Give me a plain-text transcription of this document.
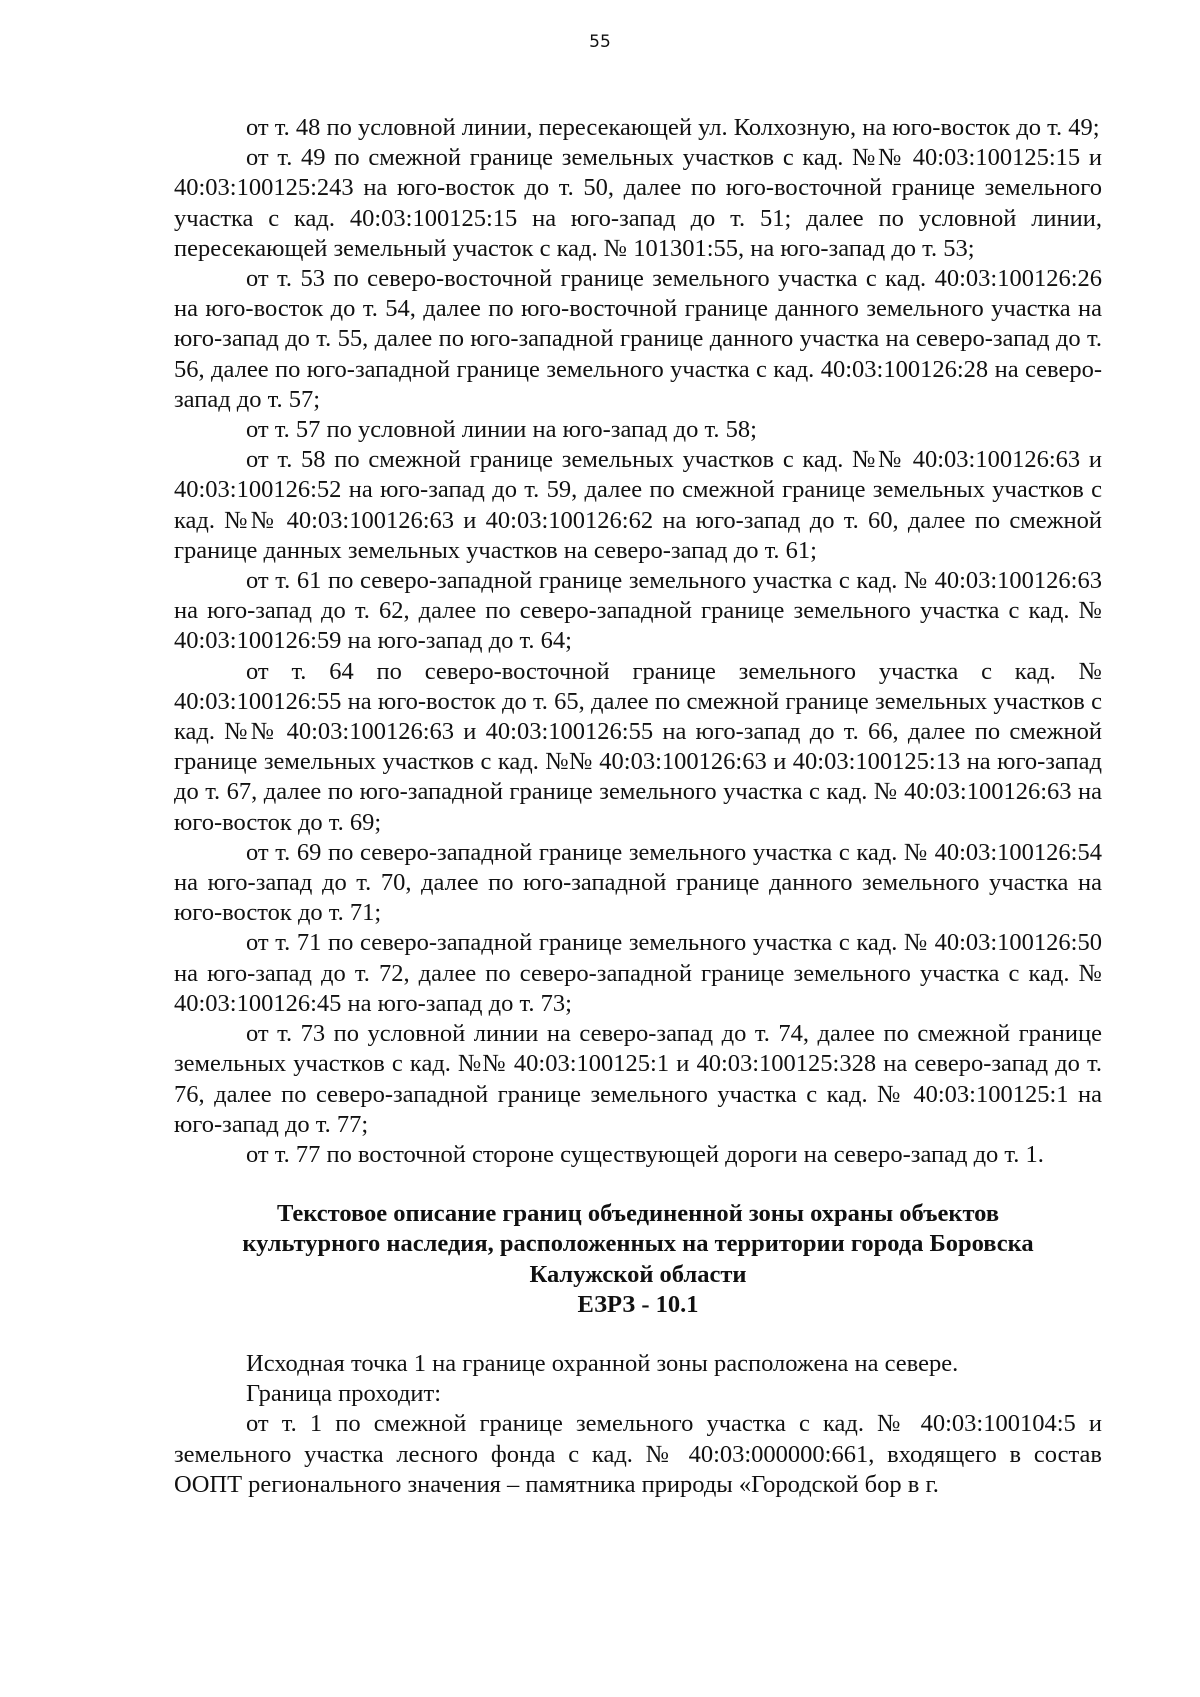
55

от т. 48 по условной линии, пересекающей ул. Колхозную, на юго-восток до т. 49;

от т. 49 по смежной границе земельных участков с кад. №№ 40:03:100125:15 и 40:03:100125:243 на юго-восток до т. 50, далее по юго-восточной границе земельного участка с кад. 40:03:100125:15 на юго-запад до т. 51; далее по условной линии, пересекающей земельный участок с кад. № 101301:55, на юго-запад до т. 53;

от т. 53 по северо-восточной границе земельного участка с кад. 40:03:100126:26 на юго-восток до т. 54, далее по юго-восточной границе данного земельного участка на юго-запад до т. 55, далее по юго-западной границе данного участка на северо-запад до т. 56, далее по юго-западной границе земельного участка с кад. 40:03:100126:28 на северо-запад до т. 57;

от т. 57 по условной линии на юго-запад до т. 58;

от т. 58 по смежной границе земельных участков с кад. №№ 40:03:100126:63 и 40:03:100126:52 на юго-запад до т. 59, далее по смежной границе земельных участков с кад. №№ 40:03:100126:63 и 40:03:100126:62 на юго-запад до т. 60, далее по смежной границе данных земельных участков на северо-запад до т. 61;

от т. 61 по северо-западной границе земельного участка с кад. № 40:03:100126:63 на юго-запад до т. 62, далее по северо-западной границе земельного участка с кад. № 40:03:100126:59 на юго-запад до т. 64;

от т. 64 по северо-восточной границе земельного участка с кад. № 40:03:100126:55 на юго-восток до т. 65, далее по смежной границе земельных участков с кад. №№ 40:03:100126:63 и 40:03:100126:55 на юго-запад до т. 66, далее по смежной границе земельных участков с кад. №№ 40:03:100126:63 и 40:03:100125:13 на юго-запад до т. 67, далее по юго-западной границе земельного участка с кад. № 40:03:100126:63 на юго-восток до т. 69;

от т. 69 по северо-западной границе земельного участка с кад. № 40:03:100126:54 на юго-запад до т. 70, далее по юго-западной границе данного земельного участка на юго-восток до т. 71;

от т. 71 по северо-западной границе земельного участка с кад. № 40:03:100126:50 на юго-запад до т. 72, далее по северо-западной границе земельного участка с кад. № 40:03:100126:45 на юго-запад до т. 73;

от т. 73 по условной линии на северо-запад до т. 74, далее по смежной границе земельных участков с кад. №№ 40:03:100125:1 и 40:03:100125:328 на северо-запад до т. 76, далее по северо-западной границе земельного участка с кад. № 40:03:100125:1 на юго-запад до т. 77;

от т. 77 по восточной стороне существующей дороги на северо-запад до т. 1.

Текстовое описание границ объединенной зоны охраны объектов
культурного наследия, расположенных на территории города Боровска
Калужской области
ЕЗРЗ - 10.1

Исходная точка 1 на границе охранной зоны расположена на севере.

Граница проходит:

от т. 1 по смежной границе земельного участка с кад. № 40:03:100104:5 и земельного участка лесного фонда с кад. № 40:03:000000:661, входящего в состав ООПТ регионального значения – памятника природы «Городской бор в г.
